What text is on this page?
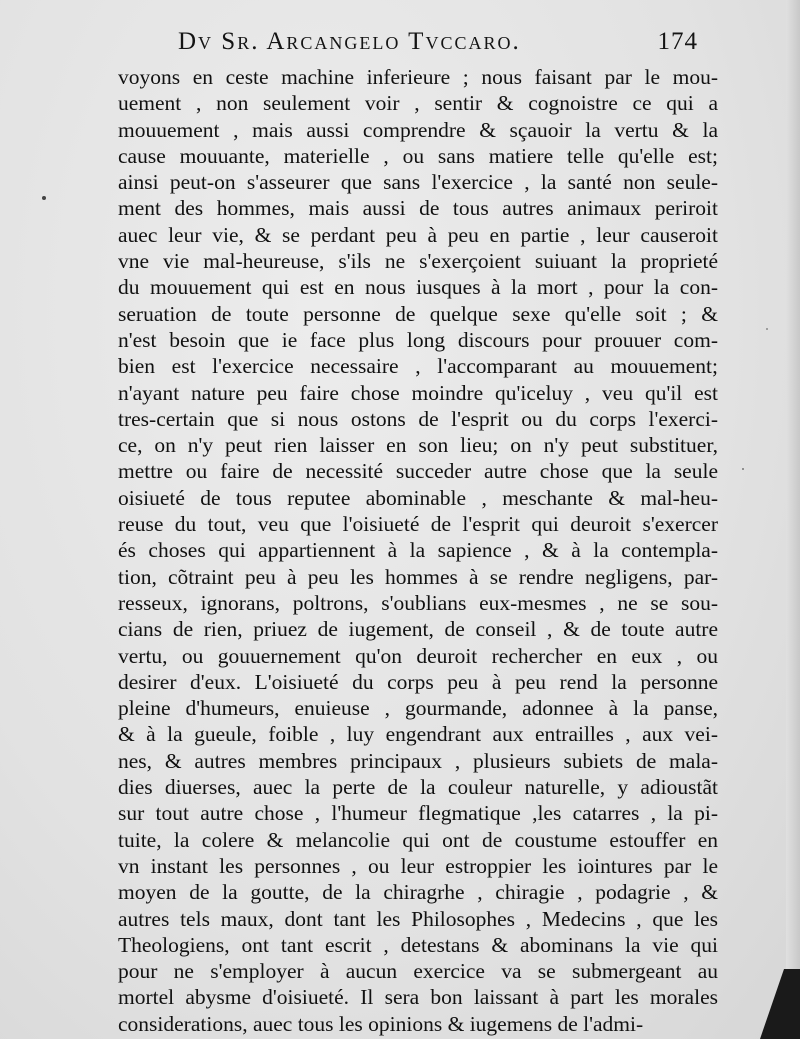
Dv Sr. Arcangelo Tvccaro.	174
voyons en ceste machine inferieure ; nous faisant par le mou-
uement , non seulement voir , sentir & cognoistre ce qui a
mouuement , mais aussi comprendre & sçauoir la vertu & la
cause mouuante, materielle , ou sans matiere telle qu'elle est;
ainsi peut-on s'asseurer que sans l'exercice , la santé non seule-
ment des hommes, mais aussi de tous autres animaux periroit
auec leur vie, & se perdant peu à peu en partie , leur causeroit
vne vie mal-heureuse, s'ils ne s'exerçoient suiuant la proprieté
du mouuement qui est en nous iusques à la mort , pour la con-
seruation de toute personne de quelque sexe qu'elle soit ; &
n'est besoin que ie face plus long discours pour prouuer com-
bien est l'exercice necessaire , l'accomparant au mouuement;
n'ayant nature peu faire chose moindre qu'iceluy , veu qu'il est
tres-certain que si nous ostons de l'esprit ou du corps l'exerci-
ce, on n'y peut rien laisser en son lieu; on n'y peut substituer,
mettre ou faire de necessité succeder autre chose que la seule
oisiueté de tous reputee abominable , meschante & mal-heu-
reuse du tout, veu que l'oisiueté de l'esprit qui deuroit s'exercer
és choses qui appartiennent à la sapience , & à la contempla-
tion, cõtraint peu à peu les hommes à se rendre negligens, par-
resseux, ignorans, poltrons, s'oublians eux-mesmes , ne se sou-
cians de rien, priuez de iugement, de conseil , & de toute autre
vertu, ou gouuernement qu'on deuroit rechercher en eux , ou
desirer d'eux. L'oisiueté du corps peu à peu rend la personne
pleine d'humeurs, enuieuse , gourmande, adonnee à la panse,
& à la gueule, foible , luy engendrant aux entrailles , aux vei-
nes, & autres membres principaux , plusieurs subiets de mala-
dies diuerses, auec la perte de la couleur naturelle, y adioustãt
sur tout autre chose , l'humeur flegmatique ,les catarres , la pi-
tuite, la colere & melancolie qui ont de coustume estouffer en
vn instant les personnes , ou leur estroppier les iointures par le
moyen de la goutte, de la chiragrhe , chiragie , podagrie , &
autres tels maux, dont tant les Philosophes , Medecins , que les
Theologiens, ont tant escrit , detestans & abominans la vie qui
pour ne s'employer à aucun exercice va se submergeant au
mortel abysme d'oisiueté. Il sera bon laissant à part les morales
considerations, auec tous les opinions & iugemens de l'admi-
